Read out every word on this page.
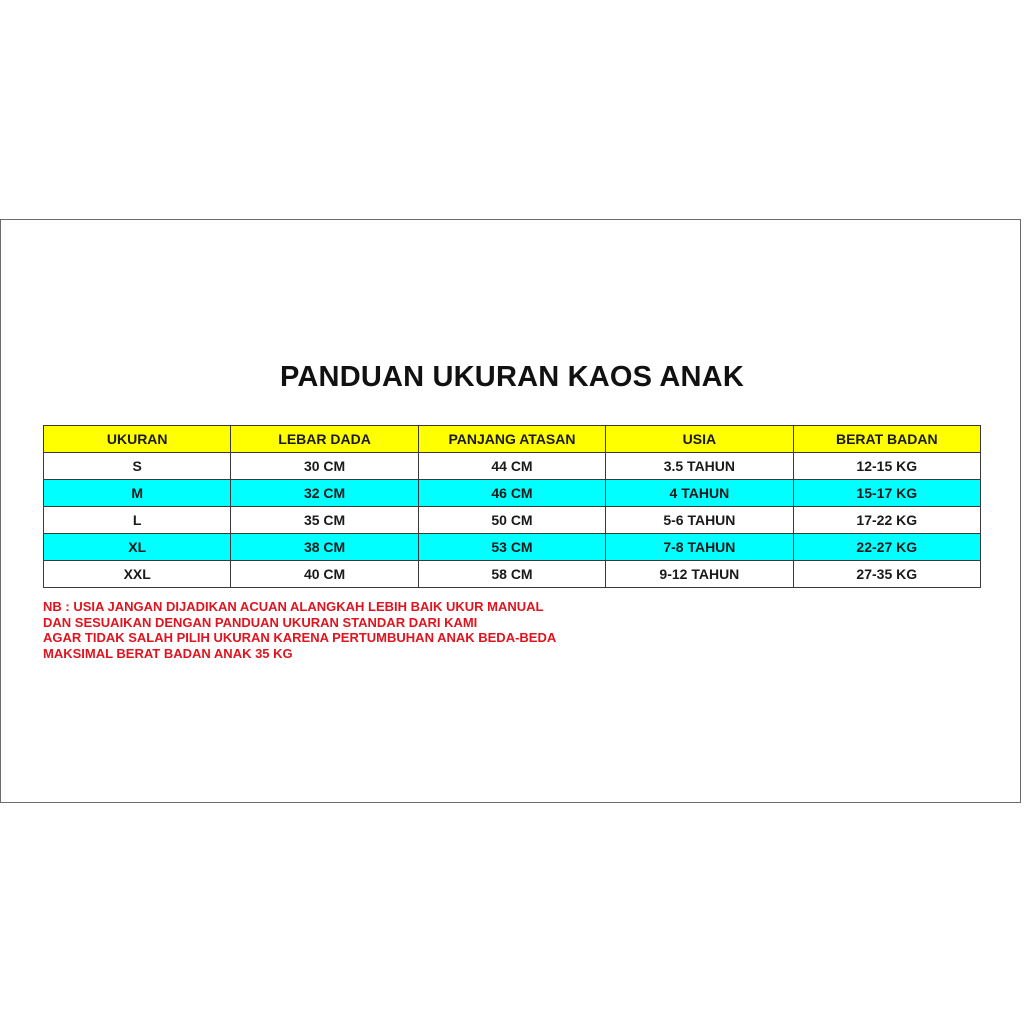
PANDUAN UKURAN KAOS ANAK
UKURAN	LEBAR DADA	PANJANG ATASAN	USIA	BERAT BADAN
S	30 CM	44 CM	3.5 TAHUN	12-15 KG
M	32 CM	46 CM	4 TAHUN	15-17 KG
L	35 CM	50 CM	5-6 TAHUN	17-22 KG
XL	38 CM	53 CM	7-8 TAHUN	22-27 KG
XXL	40 CM	58 CM	9-12 TAHUN	27-35 KG
NB : USIA JANGAN DIJADIKAN ACUAN ALANGKAH LEBIH BAIK UKUR MANUAL
DAN SESUAIKAN DENGAN PANDUAN UKURAN STANDAR DARI KAMI
AGAR TIDAK SALAH PILIH UKURAN KARENA PERTUMBUHAN ANAK BEDA-BEDA
MAKSIMAL BERAT BADAN ANAK 35 KG
